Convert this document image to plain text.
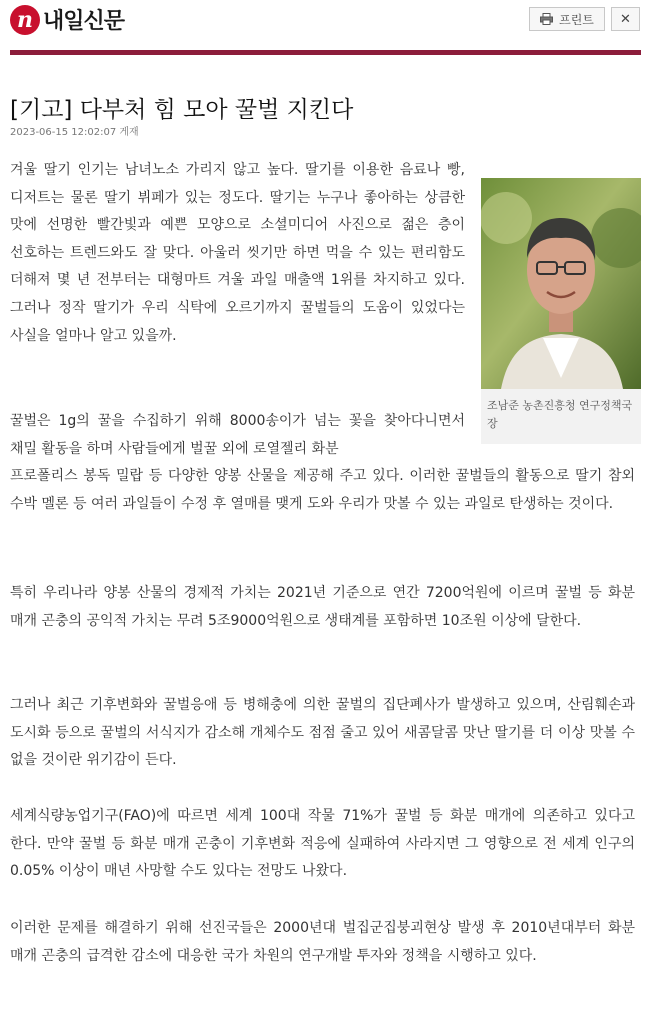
n 내일신문	프린트 ✕
[기고] 다부처 힘 모아 꿀벌 지킨다
2023-06-15 12:02:07 게재

겨울 딸기 인기는 남녀노소 가리지 않고 높다. 딸기를 이용한 음료나 빵, 디저트는 물론 딸기 뷔페가 있는 정도다. 딸기는 누구나 좋아하는 상큼한 맛에 선명한 빨간빛과 예쁜 모양으로 소셜미디어 사진으로 젊은 층이 선호하는 트렌드와도 잘 맞다. 아울러 씻기만 하면 먹을 수 있는 편리함도 더해져 몇 년 전부터는 대형마트 겨울 과일 매출액 1위를 차지하고 있다. 그러나 정작 딸기가 우리 식탁에 오르기까지 꿀벌들의 도움이 있었다는 사실을 얼마나 알고 있을까.

조남준 농촌진흥청 연구정책국장

꿀벌은 1g의 꿀을 수집하기 위해 8000송이가 넘는 꽃을 찾아다니면서 채밀 활동을 하며 사람들에게 벌꿀 외에 로열젤리 화분
프로폴리스 봉독 밀랍 등 다양한 양봉 산물을 제공해 주고 있다. 이러한 꿀벌들의 활동으로 딸기 참외 수박 멜론 등 여러 과일들이 수정 후 열매를 맺게 도와 우리가 맛볼 수 있는 과일로 탄생하는 것이다.

특히 우리나라 양봉 산물의 경제적 가치는 2021년 기준으로 연간 7200억원에 이르며 꿀벌 등 화분 매개 곤충의 공익적 가치는 무려 5조9000억원으로 생태계를 포함하면 10조원 이상에 달한다.

그러나 최근 기후변화와 꿀벌응애 등 병해충에 의한 꿀벌의 집단폐사가 발생하고 있으며, 산림훼손과 도시화 등으로 꿀벌의 서식지가 감소해 개체수도 점점 줄고 있어 새콤달콤 맛난 딸기를 더 이상 맛볼 수 없을 것이란 위기감이 든다.

세계식량농업기구(FAO)에 따르면 세계 100대 작물 71%가 꿀벌 등 화분 매개에 의존하고 있다고 한다. 만약 꿀벌 등 화분 매개 곤충이 기후변화 적응에 실패하여 사라지면 그 영향으로 전 세계 인구의 0.05% 이상이 매년 사망할 수도 있다는 전망도 나왔다.

이러한 문제를 해결하기 위해 선진국들은 2000년대 벌집군집붕괴현상 발생 후 2010년대부터 화분 매개 곤충의 급격한 감소에 대응한 국가 차원의 연구개발 투자와 정책을 시행하고 있다.
